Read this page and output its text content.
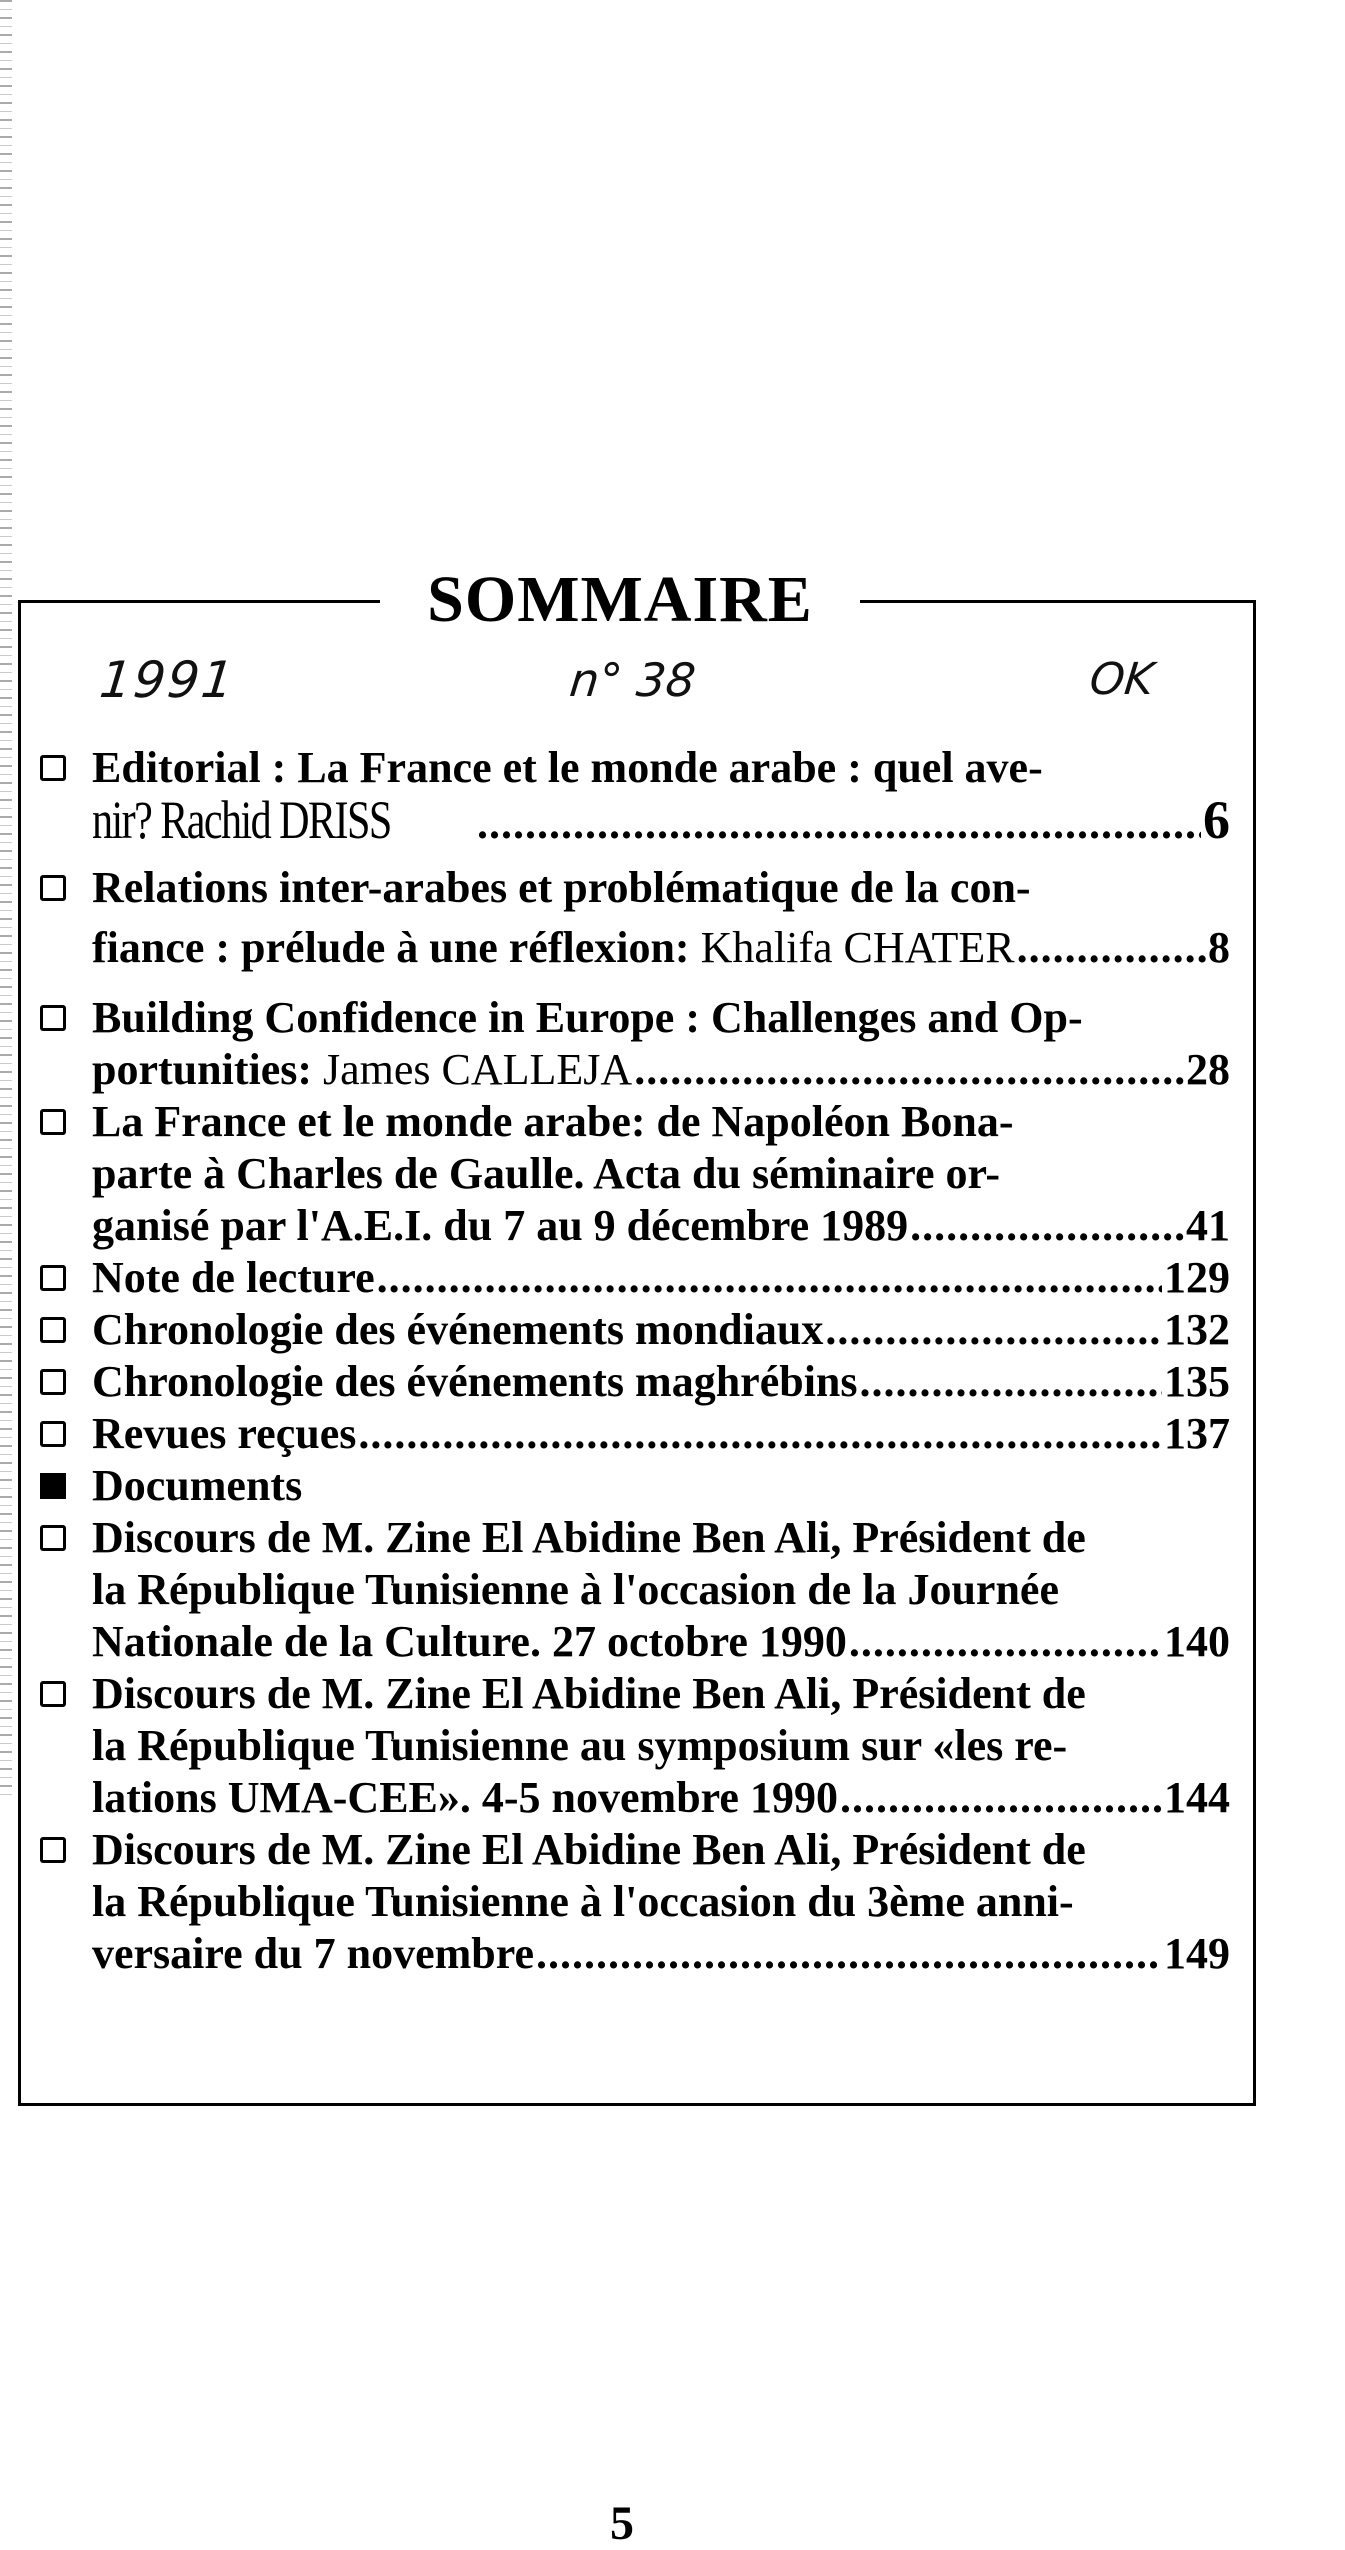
SOMMAIRE
1991	n° 38	OK
Editorial : La France et le monde arabe : quel ave-
nir? Rachid DRISS .....	6
Relations inter-arabes et problématique de la con-
fiance : prélude à une réflexion: Khalifa CHATER .....	8
Building Confidence in Europe : Challenges and Op-
portunities: James CALLEJA .....	28
La France et le monde arabe: de Napoléon Bona-
parte à Charles de Gaulle. Acta du séminaire or-
ganisé par l'A.E.I. du 7 au 9 décembre 1989 .....	41
Note de lecture .....	129
Chronologie des événements mondiaux .....	132
Chronologie des événements maghrébins .....	135
Revues reçues .....	137
Documents
Discours de M. Zine El Abidine Ben Ali, Président de
la République Tunisienne à l'occasion de la Journée
Nationale de la Culture. 27 octobre 1990 .....	140
Discours de M. Zine El Abidine Ben Ali, Président de
la République Tunisienne au symposium sur «les re-
lations UMA-CEE». 4-5 novembre 1990 .....	144
Discours de M. Zine El Abidine Ben Ali, Président de
la République Tunisienne à l'occasion du 3ème anni-
versaire du 7 novembre .....	149
5
